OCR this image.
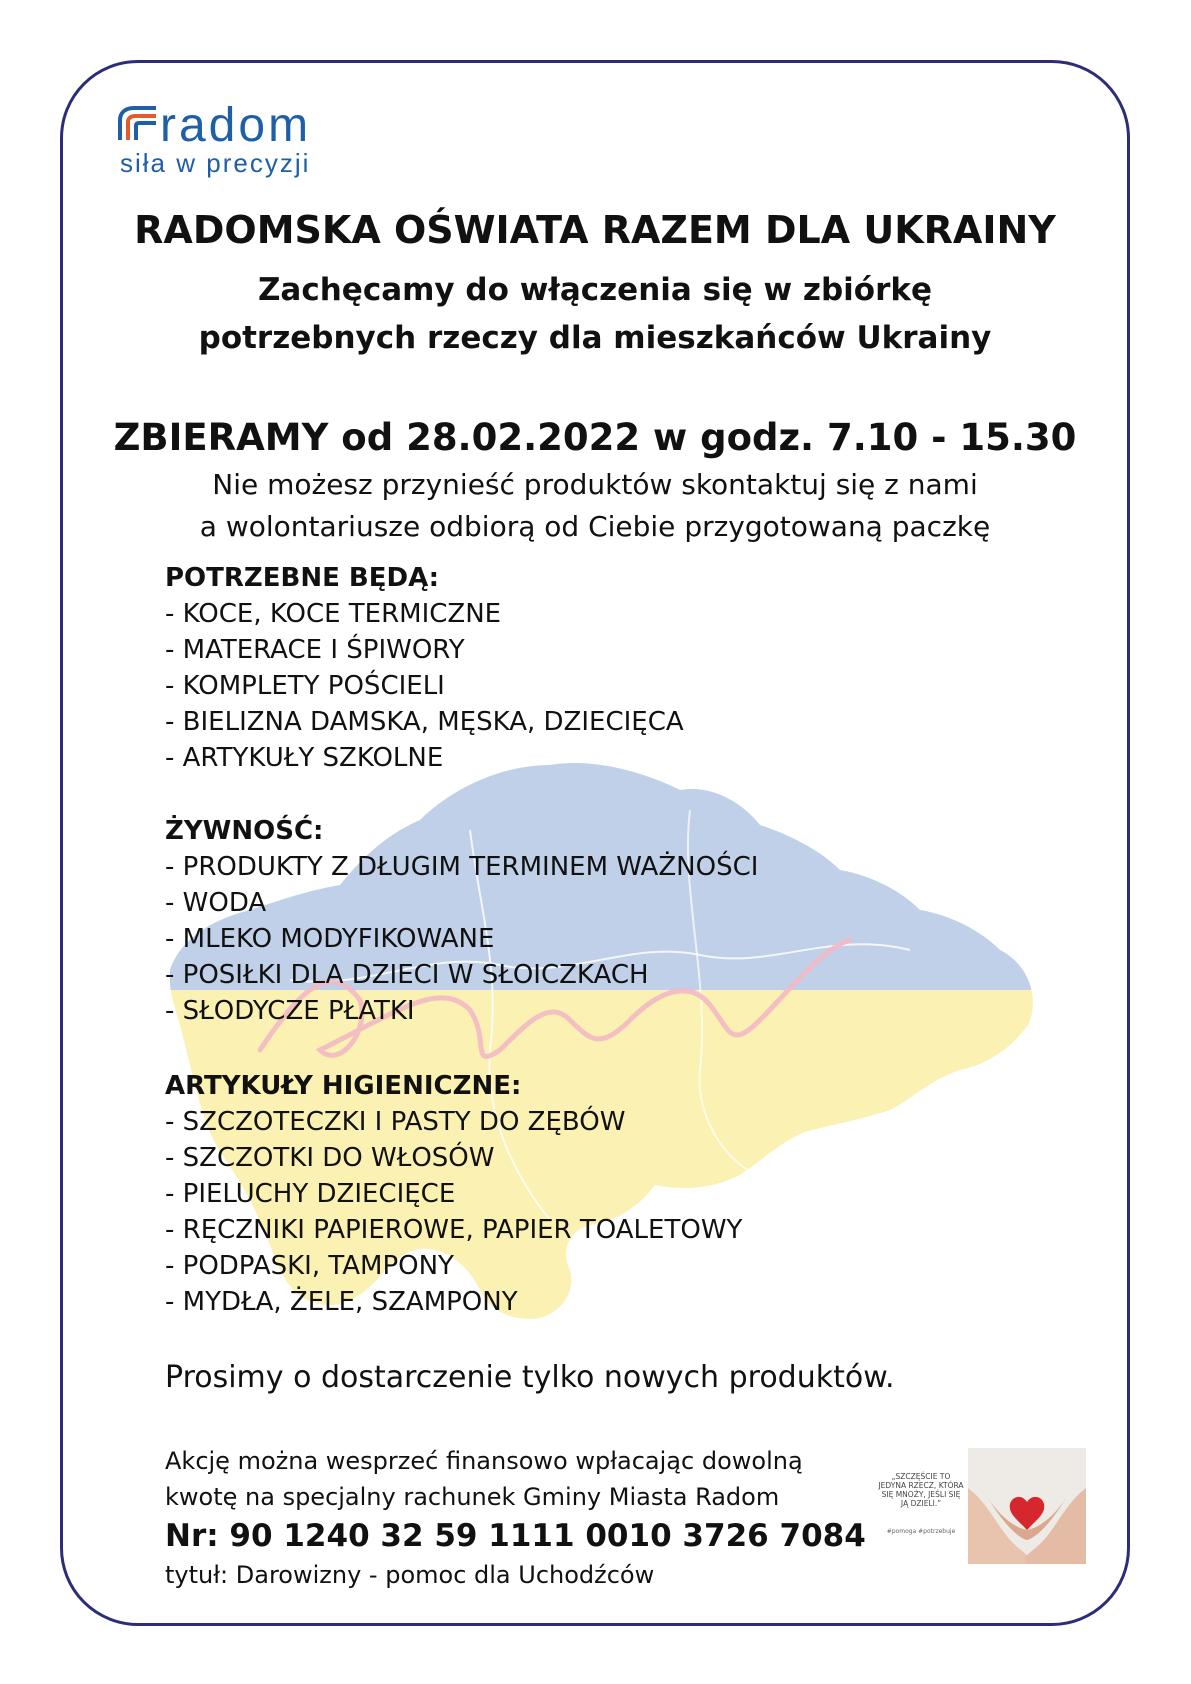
radom
siła w precyzji
RADOMSKA OŚWIATA RAZEM DLA UKRAINY
Zachęcamy do włączenia się w zbiórkę
potrzebnych rzeczy dla mieszkańców Ukrainy
ZBIERAMY od 28.02.2022 w godz. 7.10 - 15.30
Nie możesz przynieść produktów skontaktuj się z nami
a wolontariusze odbiorą od Ciebie przygotowaną paczkę
POTRZEBNE BĘDĄ:
- KOCE, KOCE TERMICZNE
- MATERACE I ŚPIWORY
- KOMPLETY POŚCIELI
- BIELIZNA DAMSKA, MĘSKA, DZIECIĘCA
- ARTYKUŁY SZKOLNE
ŻYWNOŚĆ:
- PRODUKTY Z DŁUGIM TERMINEM WAŻNOŚCI
- WODA
- MLEKO MODYFIKOWANE
- POSIŁKI DLA DZIECI W SŁOICZKACH
- SŁODYCZE PŁATKI
ARTYKUŁY HIGIENICZNE:
- SZCZOTECZKI I PASTY DO ZĘBÓW
- SZCZOTKI DO WŁOSÓW
- PIELUCHY DZIECIĘCE
- RĘCZNIKI PAPIEROWE, PAPIER TOALETOWY
- PODPASKI, TAMPONY
- MYDŁA, ŻELE, SZAMPONY
Prosimy o dostarczenie tylko nowych produktów.
Akcję można wesprzeć finansowo wpłacając dowolną
kwotę na specjalny rachunek Gminy Miasta Radom
Nr: 90 1240 32 59 1111 0010 3726 7084
tytuł: Darowizny - pomoc dla Uchodźców
„SZCZĘŚCIE TO JEDYNA RZECZ, KTÓRA SIĘ MNOŻY, JEŚLI SIĘ JĄ DZIELI.”
#pomoga #potrzebuje
